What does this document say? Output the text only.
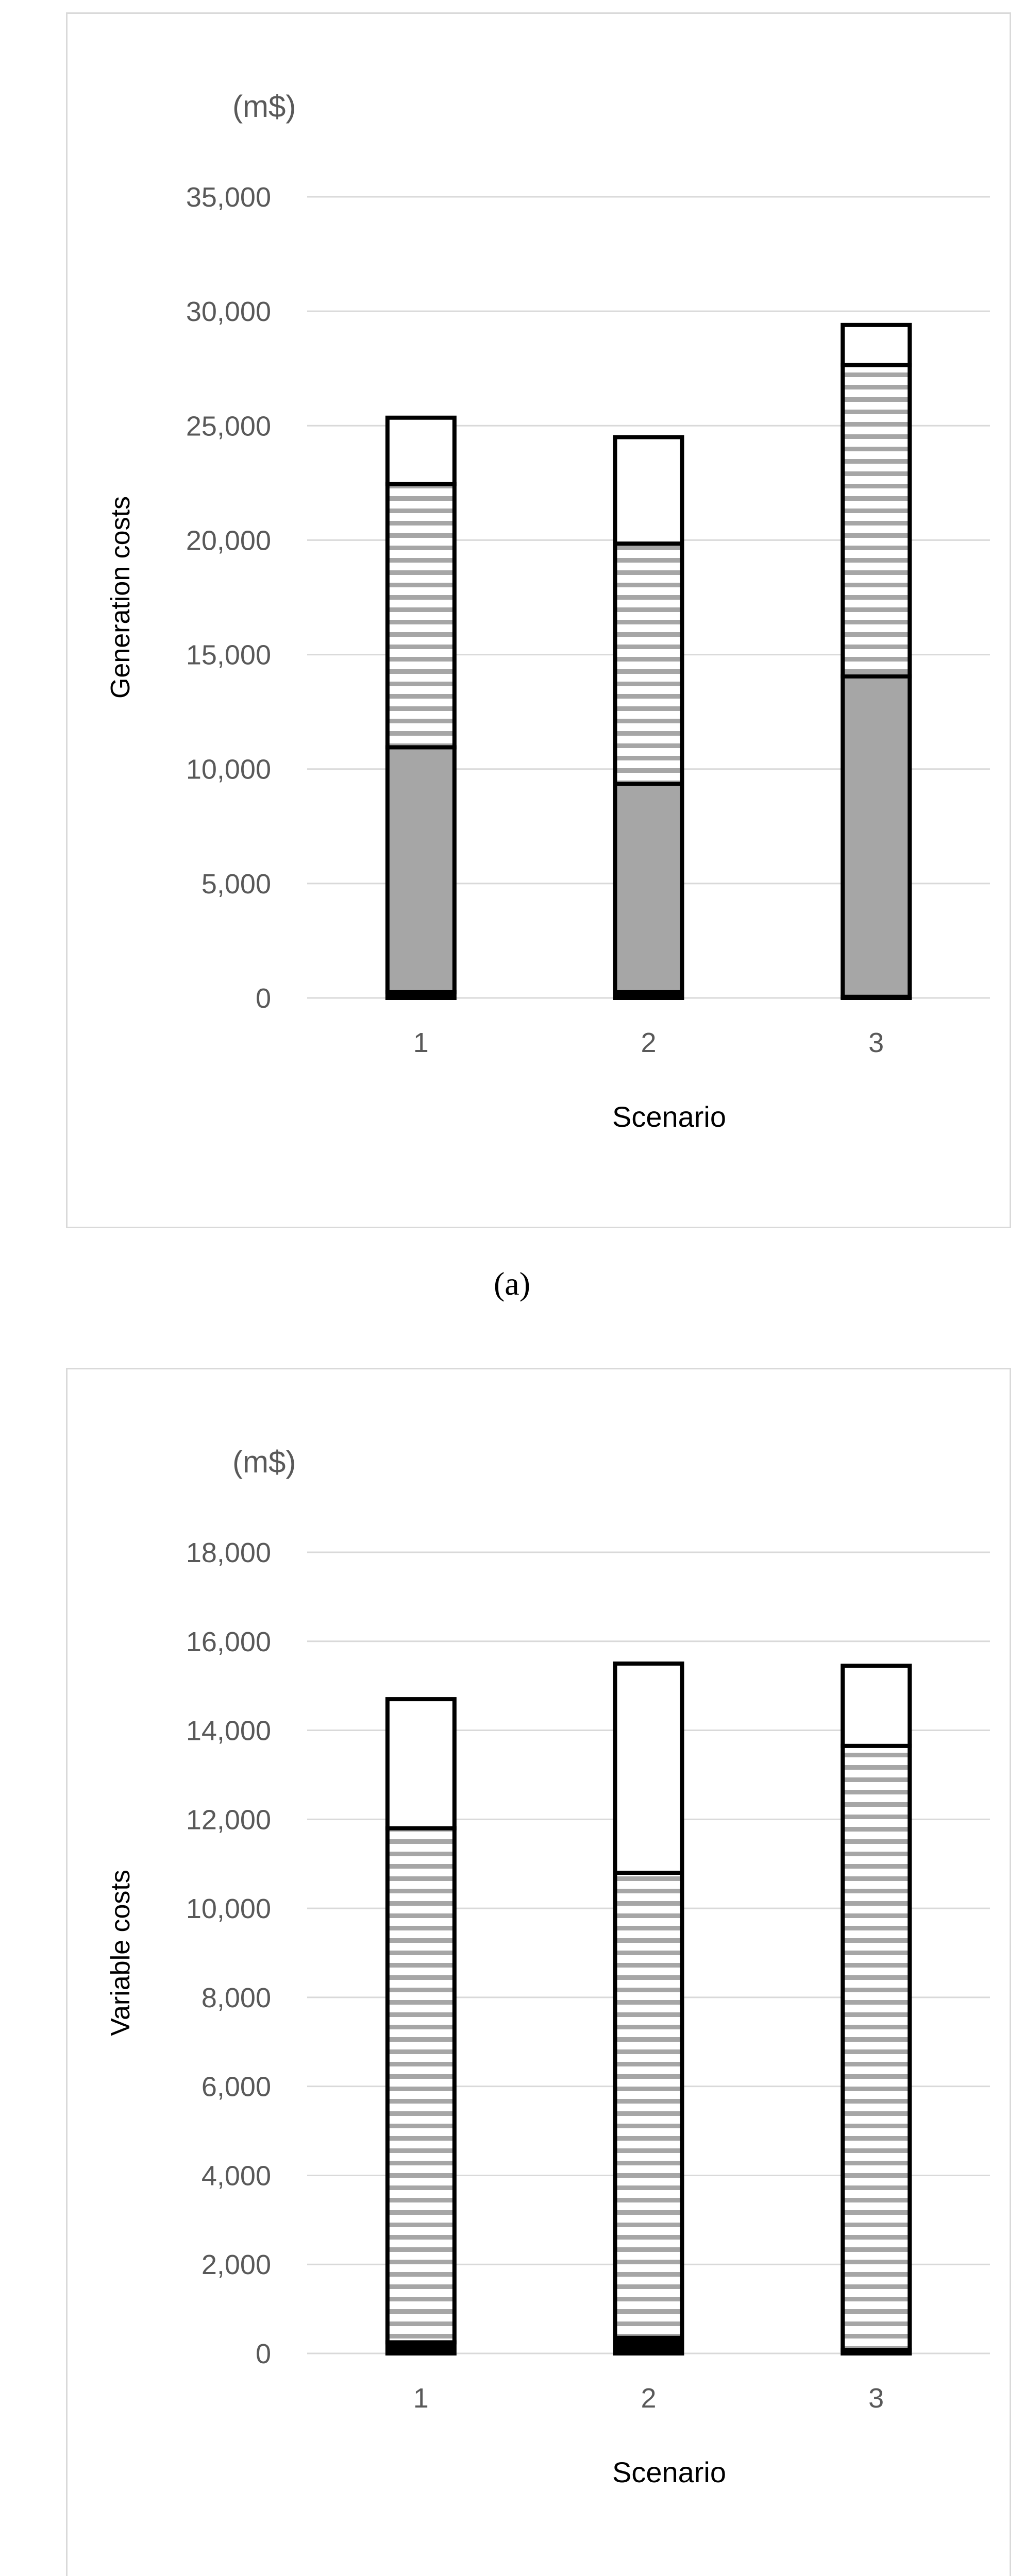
(m$)
0
5,000
10,000
15,000
20,000
25,000
30,000
35,000
Generation costs
1	2	3
Scenario
(a)
(m$)
0
2,000
4,000
6,000
8,000
10,000
12,000
14,000
16,000
18,000
Variable costs
1	2	3
Scenario
